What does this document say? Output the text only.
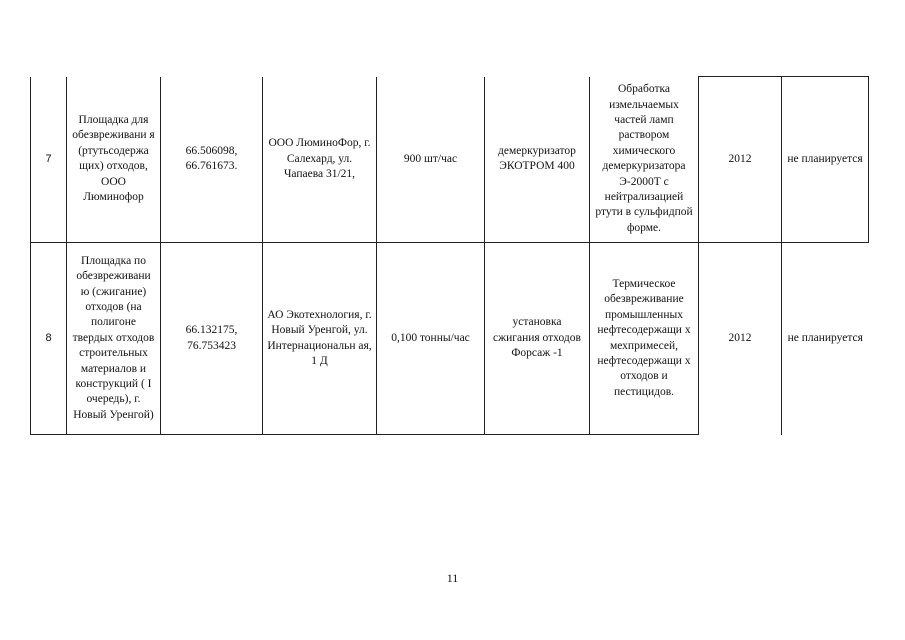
7	Площадка для обезвреживани я (ртутьсодержа щих) отходов, ООО Люминофор	66.506098, 66.761673.	ООО ЛюминоФор, г. Салехард, ул. Чапаева 31/21,	900 шт/час	демеркуризатор ЭКОТРОМ 400	Обработка измельчаемых частей ламп раствором химического демеркуризатора Э-2000Т с нейтрализацией ртути в сульфидпой форме.	2012	не планируется
8	Площадка по обезвреживани ю (сжигание) отходов (на полигоне твердых отходов строительных материалов и конструкций ( I очередь), г. Новый Уренгой)	66.132175, 76.753423	АО Экотехнология, г. Новый Уренгой, ул. Интернациональн ая, 1 Д	0,100 тонны/час	установка сжигания отходов Форсаж -1	Термическое обезвреживание промышленных нефтесодержащи х мехпримесей, нефтесодержащи х отходов и пестицидов.	2012	не планируется
11
